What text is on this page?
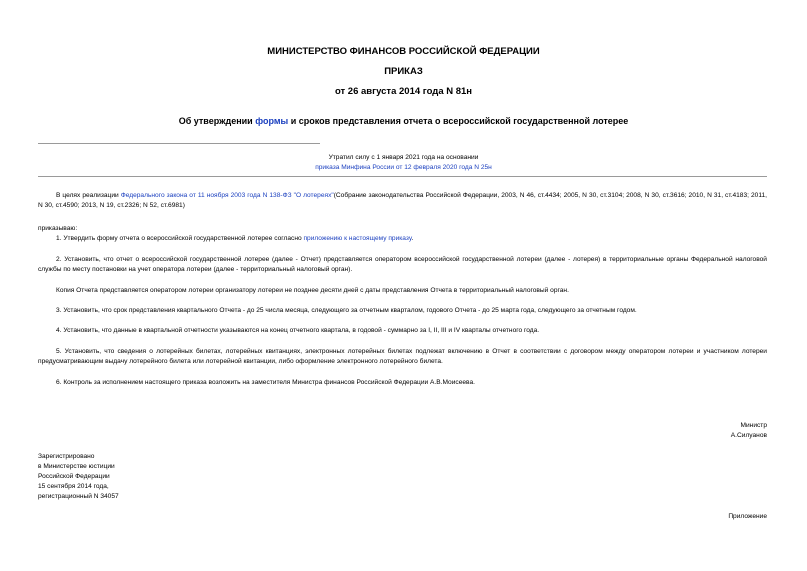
МИНИСТЕРСТВО ФИНАНСОВ РОССИЙСКОЙ ФЕДЕРАЦИИ
ПРИКАЗ
от 26 августа 2014 года N 81н
Об утверждении формы и сроков представления отчета о всероссийской государственной лотерее
Утратил силу с 1 января 2021 года на основании
приказа Минфина России от 12 февраля 2020 года N 25н
В целях реализации Федерального закона от 11 ноября 2003 года N 138-ФЗ "О лотереях"(Собрание законодательства Российской Федерации, 2003, N 46, ст.4434; 2005, N 30, ст.3104; 2008, N 30, ст.3616; 2010, N 31, ст.4183; 2011, N 30, ст.4590; 2013, N 19, ст.2326; N 52, ст.6981)
приказываю:
1. Утвердить форму отчета о всероссийской государственной лотерее согласно приложению к настоящему приказу.
2. Установить, что отчет о всероссийской государственной лотерее (далее - Отчет) представляется оператором всероссийской государственной лотереи (далее - лотерея) в территориальные органы Федеральной налоговой службы по месту постановки на учет оператора лотереи (далее - территориальный налоговый орган).
Копия Отчета представляется оператором лотереи организатору лотереи не позднее десяти дней с даты представления Отчета в территориальный налоговый орган.
3. Установить, что срок представления квартального Отчета - до 25 числа месяца, следующего за отчетным кварталом, годового Отчета - до 25 марта года, следующего за отчетным годом.
4. Установить, что данные в квартальной отчетности указываются на конец отчетного квартала, в годовой - суммарно за I, II, III и IV кварталы отчетного года.
5. Установить, что сведения о лотерейных билетах, лотерейных квитанциях, электронных лотерейных билетах подлежат включению в Отчет в соответствии с договором между оператором лотереи и участником лотереи предусматривающим выдачу лотерейного билета или лотерейной квитанции, либо оформление электронного лотерейного билета.
6. Контроль за исполнением настоящего приказа возложить на заместителя Министра финансов Российской Федерации А.В.Моисеева.
Министр
А.Силуанов
Зарегистрировано
в Министерстве юстиции
Российской Федерации
15 сентября 2014 года,
регистрационный N 34057
Приложение
